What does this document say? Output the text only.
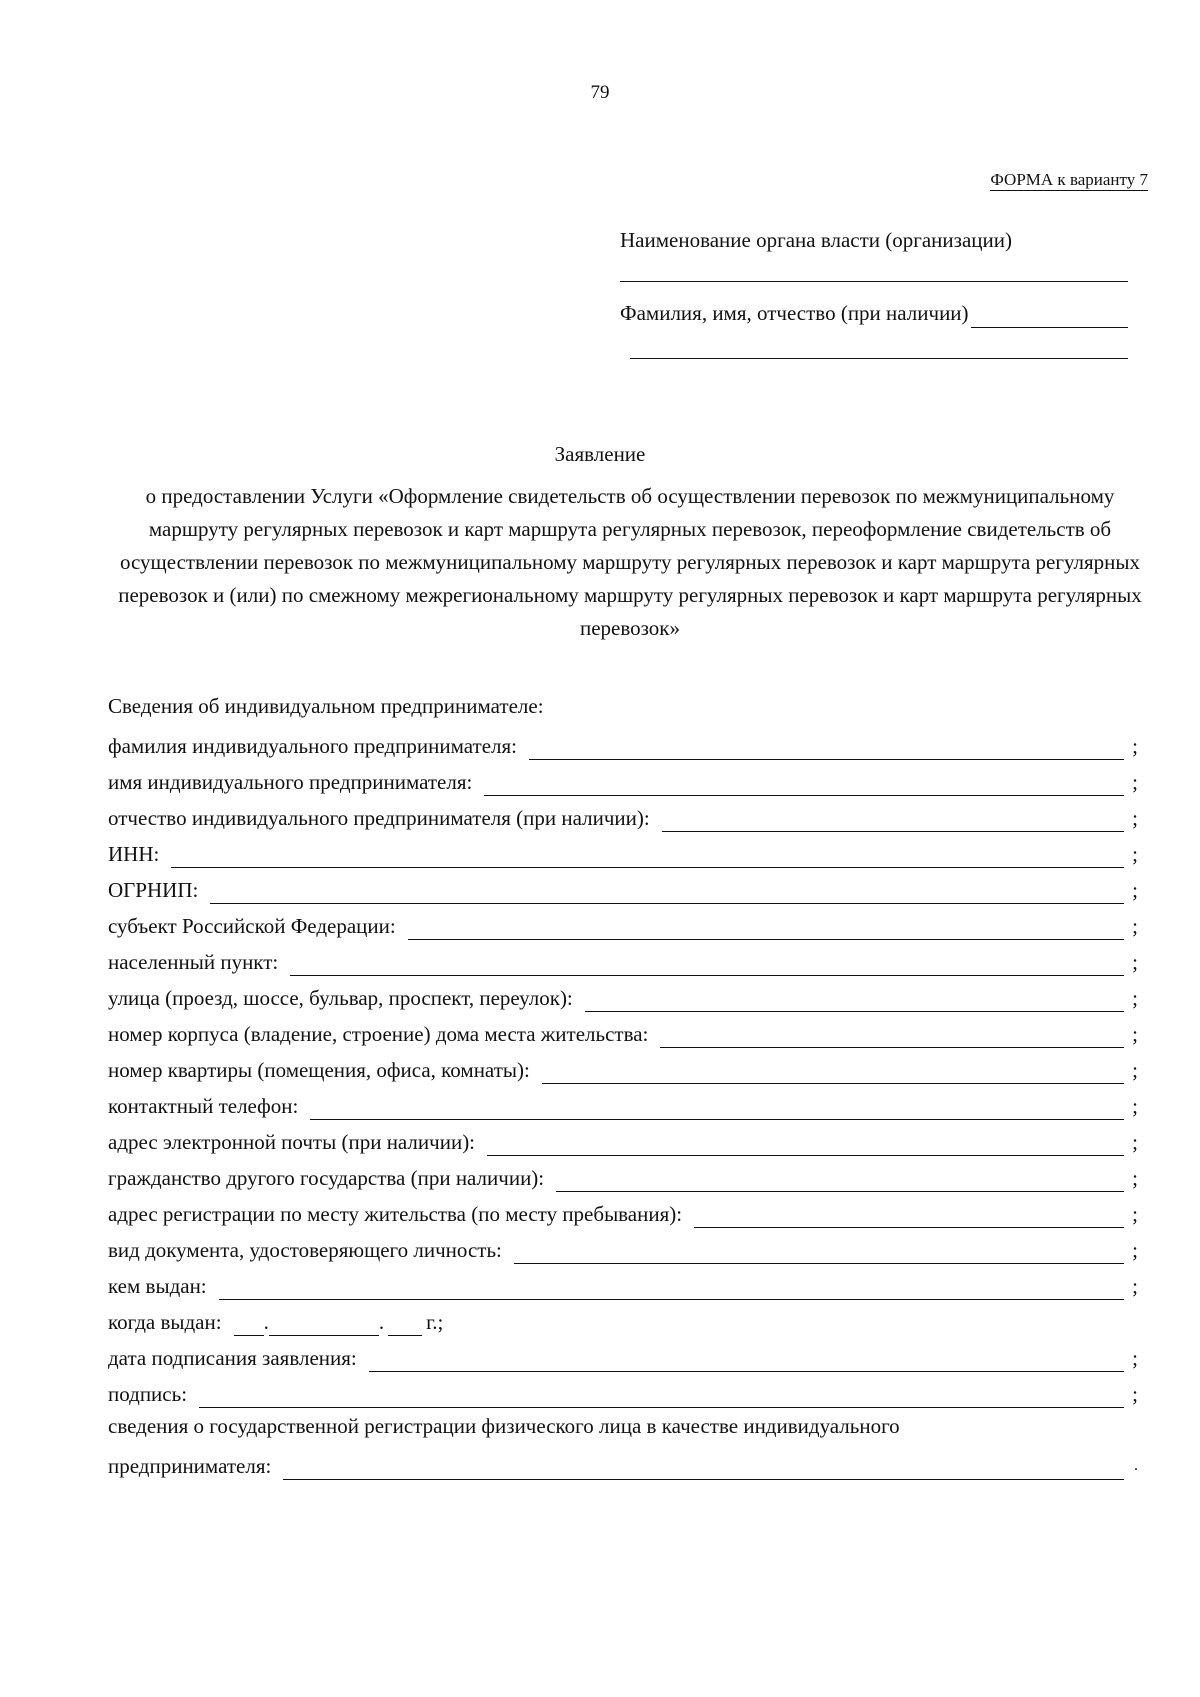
79
ФОРМА к варианту 7
Наименование органа власти (организации)
Фамилия, имя, отчество (при наличии)
Заявление
о предоставлении Услуги «Оформление свидетельств об осуществлении перевозок по межмуниципальному маршруту регулярных перевозок и карт маршрута регулярных перевозок, переоформление свидетельств об осуществлении перевозок по межмуниципальному маршруту регулярных перевозок и карт маршрута регулярных перевозок и (или) по смежному межрегиональному маршруту регулярных перевозок и карт маршрута регулярных перевозок»
Сведения об индивидуальном предпринимателе:
фамилия индивидуального предпринимателя:	;
имя индивидуального предпринимателя:	;
отчество индивидуального предпринимателя (при наличии):	;
ИНН:	;
ОГРНИП:	;
субъект Российской Федерации:	;
населенный пункт:	;
улица (проезд, шоссе, бульвар, проспект, переулок):	;
номер корпуса (владение, строение) дома места жительства:	;
номер квартиры (помещения, офиса, комнаты):	;
контактный телефон:	;
адрес электронной почты (при наличии):	;
гражданство другого государства (при наличии):	;
адрес регистрации по месту жительства (по месту пребывания):	;
вид документа, удостоверяющего личность:	;
кем выдан:	;
когда выдан: .	. г.;
дата подписания заявления:	;
подпись:	;
сведения о государственной регистрации физического лица в качестве индивидуального
предпринимателя:	.
